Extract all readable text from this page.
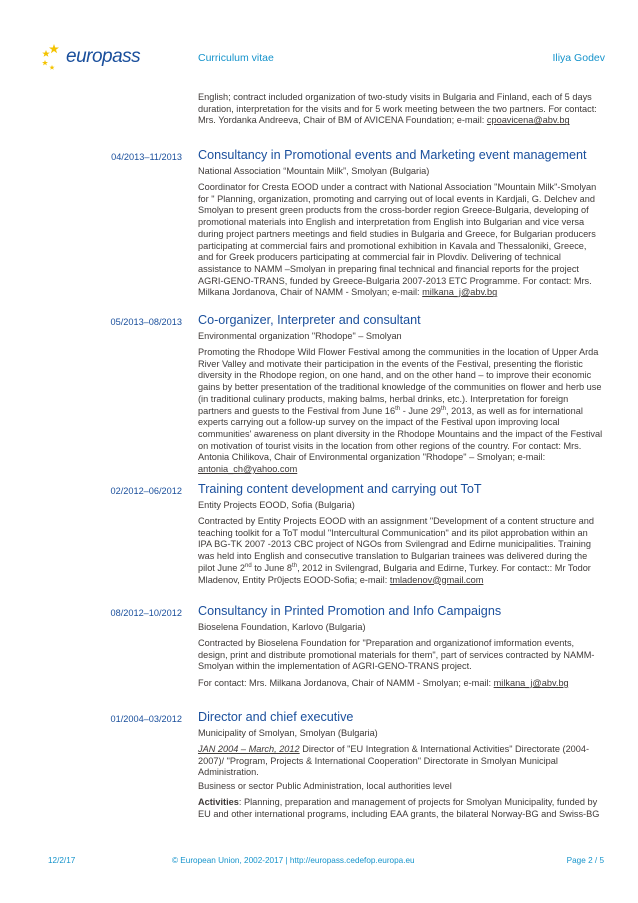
europass	Curriculum vitae	Iliya Godev
English; contract included organization of two-study visits in Bulgaria and Finland, each of 5 days duration, interpretation for the visits and for 5 work meeting between the two partners. For contact: Mrs. Yordanka Andreeva, Chair of BM of AVICENA Foundation; e-mail: cpoavicena@abv.bg
04/2013–11/2013 Consultancy in Promotional events and Marketing event management
National Association “Mountain Milk”, Smolyan (Bulgaria)
Coordinator for Cresta EOOD under a contract with National Association "Mountain Milk"-Smolyan for " Planning, organization, promoting and carrying out of local events in Kardjali, G. Delchev and Smolyan to present green products from the cross-border region Greece-Bulgaria, developing of promotional materials into English and interpretation from English into Bulgarian and vice versa during project partners meetings and field studies in Bulgaria and Greece, for Bulgarian producers participating at commercial fairs and promotional exhibition in Kavala and Thessaloniki, Greece, and for Greek producers participating at commercial fair in Plovdiv. Delivering of technical assistance to NAMM –Smolyan in preparing final technical and financial reports for the project AGRI-GENO-TRANS, funded by Greece-Bulgaria 2007-2013 ETC Programme. For contact: Mrs. Milkana Jordanova, Chair of NAMM - Smolyan; e-mail: milkana_j@abv.bg
05/2013–08/2013 Co-organizer, Interpreter and consultant
Environmental organization "Rhodope" – Smolyan
Promoting the Rhodope Wild Flower Festival among the communities in the location of Upper Arda River Valley and motivate their participation in the events of the Festival, presenting the floristic diversity in the Rhodope region, on one hand, and on the other hand – to improve their economic gains by better presentation of the traditional knowledge of the communities on flower and herb use (in traditional culinary products, making balms, herbal drinks, etc.). Interpretation for foreign partners and guests to the Festival from June 16th - June 29th, 2013, as well as for international experts carrying out a follow-up survey on the impact of the Festival upon improving local communities' awareness on plant diversity in the Rhodope Mountains and the impact of the Festival on motivation of tourist visits in the location from other regions of the country. For contact: Mrs. Antonia Chilikova, Chair of Environmental organization "Rhodope" – Smolyan; e-mail: antonia_ch@yahoo.com
02/2012–06/2012 Training content development and carrying out ToT
Entity Projects EOOD, Sofia (Bulgaria)
Contracted by Entity Projects EOOD with an assignment "Development of a content structure and teaching toolkit for a ToT modul "Intercultural Communication" and its pilot approbation within an IPA BG-TK 2007 -2013 CBC project of NGOs from Svilengrad and Edirne municipalities. Training was held into English and consecutive translation to Bulgarian trainees was delivered during the pilot June 2nd to June 8th, 2012 in Svilengrad, Bulgaria and Edirne, Turkey. For contact:: Mr Todor Mladenov, Entity Pr0jects EOOD-Sofia; e-mail: tmladenov@gmail.com
08/2012–10/2012 Consultancy in Printed Promotion and Info Campaigns
Bioselena Foundation, Karlovo (Bulgaria)
Contracted by Bioselena Foundation for "Preparation and organizationof imformation events, design, print and distribute promotional materials for them", part of services contracted by NAMM-Smolyan within the implementation of AGRI-GENO-TRANS project.
For contact: Mrs. Milkana Jordanova, Chair of NAMM - Smolyan; e-mail: milkana_j@abv.bg
01/2004–03/2012 Director and chief executive
Municipality of Smolyan, Smolyan (Bulgaria)
JAN 2004 – March, 2012 Director of "EU Integration & International Activities" Directorate (2004-2007)/ "Program, Projects & International Cooperation" Directorate in Smolyan Municipal Administration.
Business or sector Public Administration, local authorities level
Activities: Planning, preparation and management of projects for Smolyan Municipality, funded by EU and other international programs, including EAA grants, the bilateral Norway-BG and Swiss-BG
12/2/17	© European Union, 2002-2017 | http://europass.cedefop.europa.eu	Page 2 / 5
